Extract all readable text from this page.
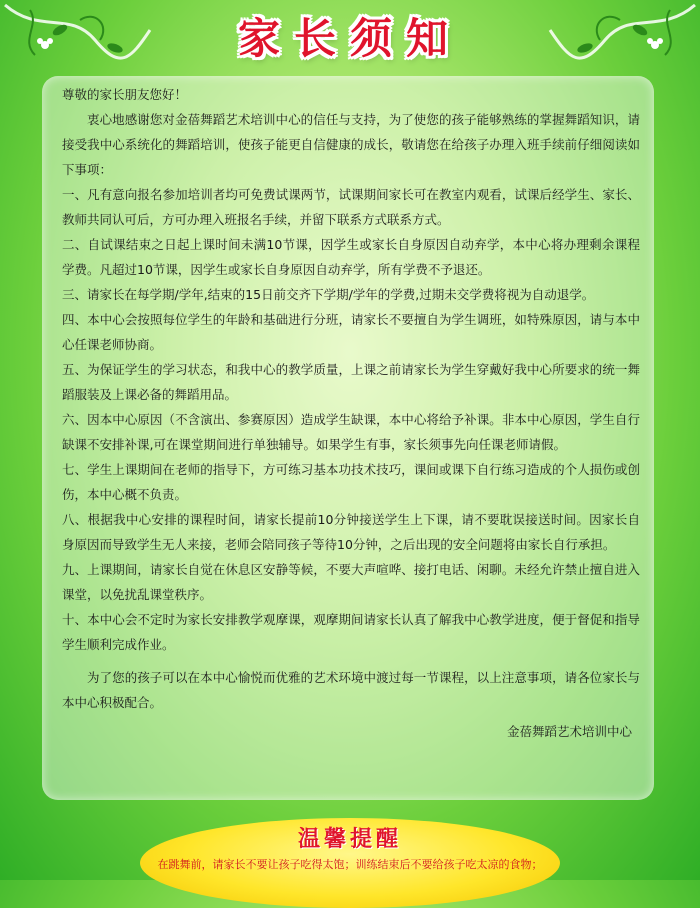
家长须知

尊敬的家长朋友您好！

衷心地感谢您对金蓓舞蹈艺术培训中心的信任与支持，为了使您的孩子能够熟练的掌握舞蹈知识，请接受我中心系统化的舞蹈培训，使孩子能更自信健康的成长，敬请您在给孩子办理入班手续前仔细阅读如下事项：

一、凡有意向报名参加培训者均可免费试课两节，试课期间家长可在教室内观看，试课后经学生、家长、教师共同认可后，方可办理入班报名手续，并留下联系方式联系方式。

二、自试课结束之日起上课时间未满10节课，因学生或家长自身原因自动弃学，本中心将办理剩余课程学费。凡超过10节课，因学生或家长自身原因自动弃学，所有学费不予退还。

三、请家长在每学期/学年,结束的15日前交齐下学期/学年的学费,过期未交学费将视为自动退学。

四、本中心会按照每位学生的年龄和基础进行分班，请家长不要擅自为学生调班，如特殊原因，请与本中心任课老师协商。

五、为保证学生的学习状态，和我中心的教学质量，上课之前请家长为学生穿戴好我中心所要求的统一舞蹈服装及上课必备的舞蹈用品。

六、因本中心原因（不含演出、参赛原因）造成学生缺课，本中心将给予补课。非本中心原因，学生自行缺课不安排补课,可在课堂期间进行单独辅导。如果学生有事，家长须事先向任课老师请假。

七、学生上课期间在老师的指导下，方可练习基本功技术技巧，课间或课下自行练习造成的个人损伤或创伤，本中心概不负责。

八、根据我中心安排的课程时间，请家长提前10分钟接送学生上下课，请不要耽误接送时间。因家长自身原因而导致学生无人来接，老师会陪同孩子等待10分钟，之后出现的安全问题将由家长自行承担。

九、上课期间，请家长自觉在休息区安静等候，不要大声喧哗、接打电话、闲聊。未经允许禁止擅自进入课堂，以免扰乱课堂秩序。

十、本中心会不定时为家长安排教学观摩课，观摩期间请家长认真了解我中心教学进度，便于督促和指导学生顺利完成作业。

为了您的孩子可以在本中心愉悦而优雅的艺术环境中渡过每一节课程，以上注意事项，请各位家长与本中心积极配合。

金蓓舞蹈艺术培训中心

温馨提醒
在跳舞前，请家长不要让孩子吃得太饱；训练结束后不要给孩子吃太凉的食物；
